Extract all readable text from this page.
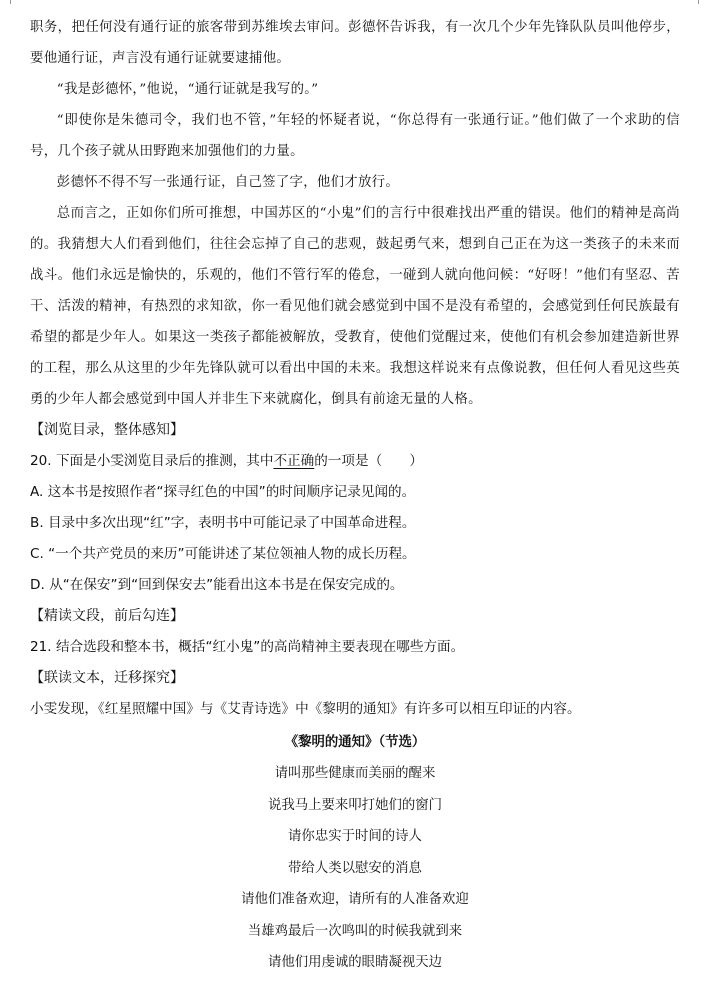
职务，把任何没有通行证的旅客带到苏维埃去审问。彭德怀告诉我，有一次几个少年先锋队队员叫他停步，要他通行证，声言没有通行证就要逮捕他。

“我是彭德怀，”他说，“通行证就是我写的。”

“即使你是朱德司令，我们也不管，”年轻的怀疑者说，“你总得有一张通行证。”他们做了一个求助的信号，几个孩子就从田野跑来加强他们的力量。

彭德怀不得不写一张通行证，自己签了字，他们才放行。

总而言之，正如你们所可推想，中国苏区的“小鬼”们的言行中很难找出严重的错误。他们的精神是高尚的。我猜想大人们看到他们，往往会忘掉了自己的悲观，鼓起勇气来，想到自己正在为这一类孩子的未来而战斗。他们永远是愉快的，乐观的，他们不管行军的倦怠，一碰到人就向他问候：“好呀！”他们有坚忍、苦干、活泼的精神，有热烈的求知欲，你一看见他们就会感觉到中国不是没有希望的，会感觉到任何民族最有希望的都是少年人。如果这一类孩子都能被解放，受教育，使他们觉醒过来，使他们有机会参加建造新世界的工程，那么从这里的少年先锋队就可以看出中国的未来。我想这样说来有点像说教，但任何人看见这些英勇的少年人都会感觉到中国人并非生下来就腐化，倒具有前途无量的人格。

【浏览目录，整体感知】

20. 下面是小雯浏览目录后的推测，其中不正确的一项是（　　）

A. 这本书是按照作者“探寻红色的中国”的时间顺序记录见闻的。

B. 目录中多次出现“红”字，表明书中可能记录了中国革命进程。

C. “一个共产党员的来历”可能讲述了某位领袖人物的成长历程。

D. 从“在保安”到“回到保安去”能看出这本书是在保安完成的。

【精读文段，前后勾连】

21. 结合选段和整本书，概括“红小鬼”的高尚精神主要表现在哪些方面。

【联读文本，迁移探究】

小雯发现，《红星照耀中国》与《艾青诗选》中《黎明的通知》有许多可以相互印证的内容。

《黎明的通知》（节选）

请叫那些健康而美丽的醒来

说我马上要来叩打她们的窗门

请你忠实于时间的诗人

带给人类以慰安的消息

请他们准备欢迎，请所有的人准备欢迎

当雄鸡最后一次鸣叫的时候我就到来

请他们用虔诚的眼睛凝视天边
